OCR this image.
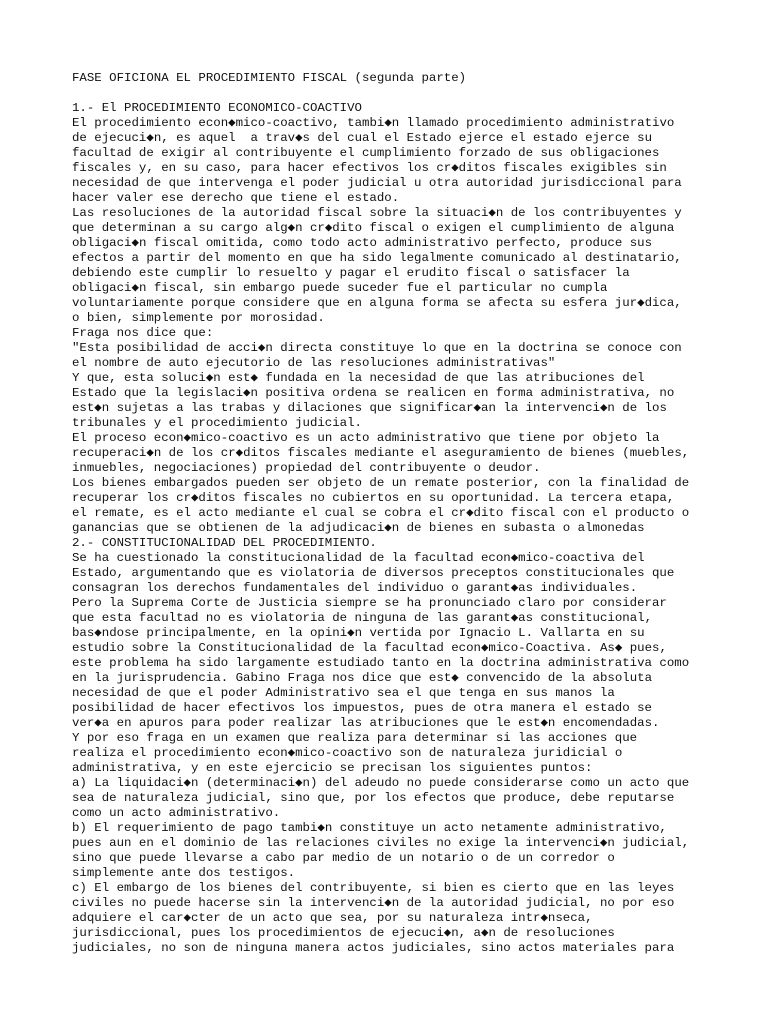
FASE OFICIONA EL PROCEDIMIENTO FISCAL (segunda parte)
1.- El PROCEDIMIENTO ECONOMICO-COACTIVO
El procedimiento econ◆mico-coactivo, tambi◆n llamado procedimiento administrativo
de ejecuci◆n, es aquel  a trav◆s del cual el Estado ejerce el estado ejerce su
facultad de exigir al contribuyente el cumplimiento forzado de sus obligaciones
fiscales y, en su caso, para hacer efectivos los cr◆ditos fiscales exigibles sin
necesidad de que intervenga el poder judicial u otra autoridad jurisdiccional para
hacer valer ese derecho que tiene el estado.
Las resoluciones de la autoridad fiscal sobre la situaci◆n de los contribuyentes y
que determinan a su cargo alg◆n cr◆dito fiscal o exigen el cumplimiento de alguna
obligaci◆n fiscal omitida, como todo acto administrativo perfecto, produce sus
efectos a partir del momento en que ha sido legalmente comunicado al destinatario,
debiendo este cumplir lo resuelto y pagar el erudito fiscal o satisfacer la
obligaci◆n fiscal, sin embargo puede suceder fue el particular no cumpla
voluntariamente porque considere que en alguna forma se afecta su esfera jur◆dica,
o bien, simplemente por morosidad.
Fraga nos dice que:
"Esta posibilidad de acci◆n directa constituye lo que en la doctrina se conoce con
el nombre de auto ejecutorio de las resoluciones administrativas"
Y que, esta soluci◆n est◆ fundada en la necesidad de que las atribuciones del
Estado que la legislaci◆n positiva ordena se realicen en forma administrativa, no
est◆n sujetas a las trabas y dilaciones que significar◆an la intervenci◆n de los
tribunales y el procedimiento judicial.
El proceso econ◆mico-coactivo es un acto administrativo que tiene por objeto la
recuperaci◆n de los cr◆ditos fiscales mediante el aseguramiento de bienes (muebles,
inmuebles, negociaciones) propiedad del contribuyente o deudor.
Los bienes embargados pueden ser objeto de un remate posterior, con la finalidad de
recuperar los cr◆ditos fiscales no cubiertos en su oportunidad. La tercera etapa,
el remate, es el acto mediante el cual se cobra el cr◆dito fiscal con el producto o
ganancias que se obtienen de la adjudicaci◆n de bienes en subasta o almonedas
2.- CONSTITUCIONALIDAD DEL PROCEDIMIENTO.
Se ha cuestionado la constitucionalidad de la facultad econ◆mico-coactiva del
Estado, argumentando que es violatoria de diversos preceptos constitucionales que
consagran los derechos fundamentales del individuo o garant◆as individuales.
Pero la Suprema Corte de Justicia siempre se ha pronunciado claro por considerar
que esta facultad no es violatoria de ninguna de las garant◆as constitucional,
bas◆ndose principalmente, en la opini◆n vertida por Ignacio L. Vallarta en su
estudio sobre la Constitucionalidad de la facultad econ◆mico-Coactiva. As◆ pues,
este problema ha sido largamente estudiado tanto en la doctrina administrativa como
en la jurisprudencia. Gabino Fraga nos dice que est◆ convencido de la absoluta
necesidad de que el poder Administrativo sea el que tenga en sus manos la
posibilidad de hacer efectivos los impuestos, pues de otra manera el estado se
ver◆a en apuros para poder realizar las atribuciones que le est◆n encomendadas.
Y por eso fraga en un examen que realiza para determinar si las acciones que
realiza el procedimiento econ◆mico-coactivo son de naturaleza juridicial o
administrativa, y en este ejercicio se precisan los siguientes puntos:
a) La liquidaci◆n (determinaci◆n) del adeudo no puede considerarse como un acto que
sea de naturaleza judicial, sino que, por los efectos que produce, debe reputarse
como un acto administrativo.
b) El requerimiento de pago tambi◆n constituye un acto netamente administrativo,
pues aun en el dominio de las relaciones civiles no exige la intervenci◆n judicial,
sino que puede llevarse a cabo par medio de un notario o de un corredor o
simplemente ante dos testigos.
c) El embargo de los bienes del contribuyente, si bien es cierto que en las leyes
civiles no puede hacerse sin la intervenci◆n de la autoridad judicial, no por eso
adquiere el car◆cter de un acto que sea, por su naturaleza intr◆nseca,
jurisdiccional, pues los procedimientos de ejecuci◆n, a◆n de resoluciones
judiciales, no son de ninguna manera actos judiciales, sino actos materiales para
